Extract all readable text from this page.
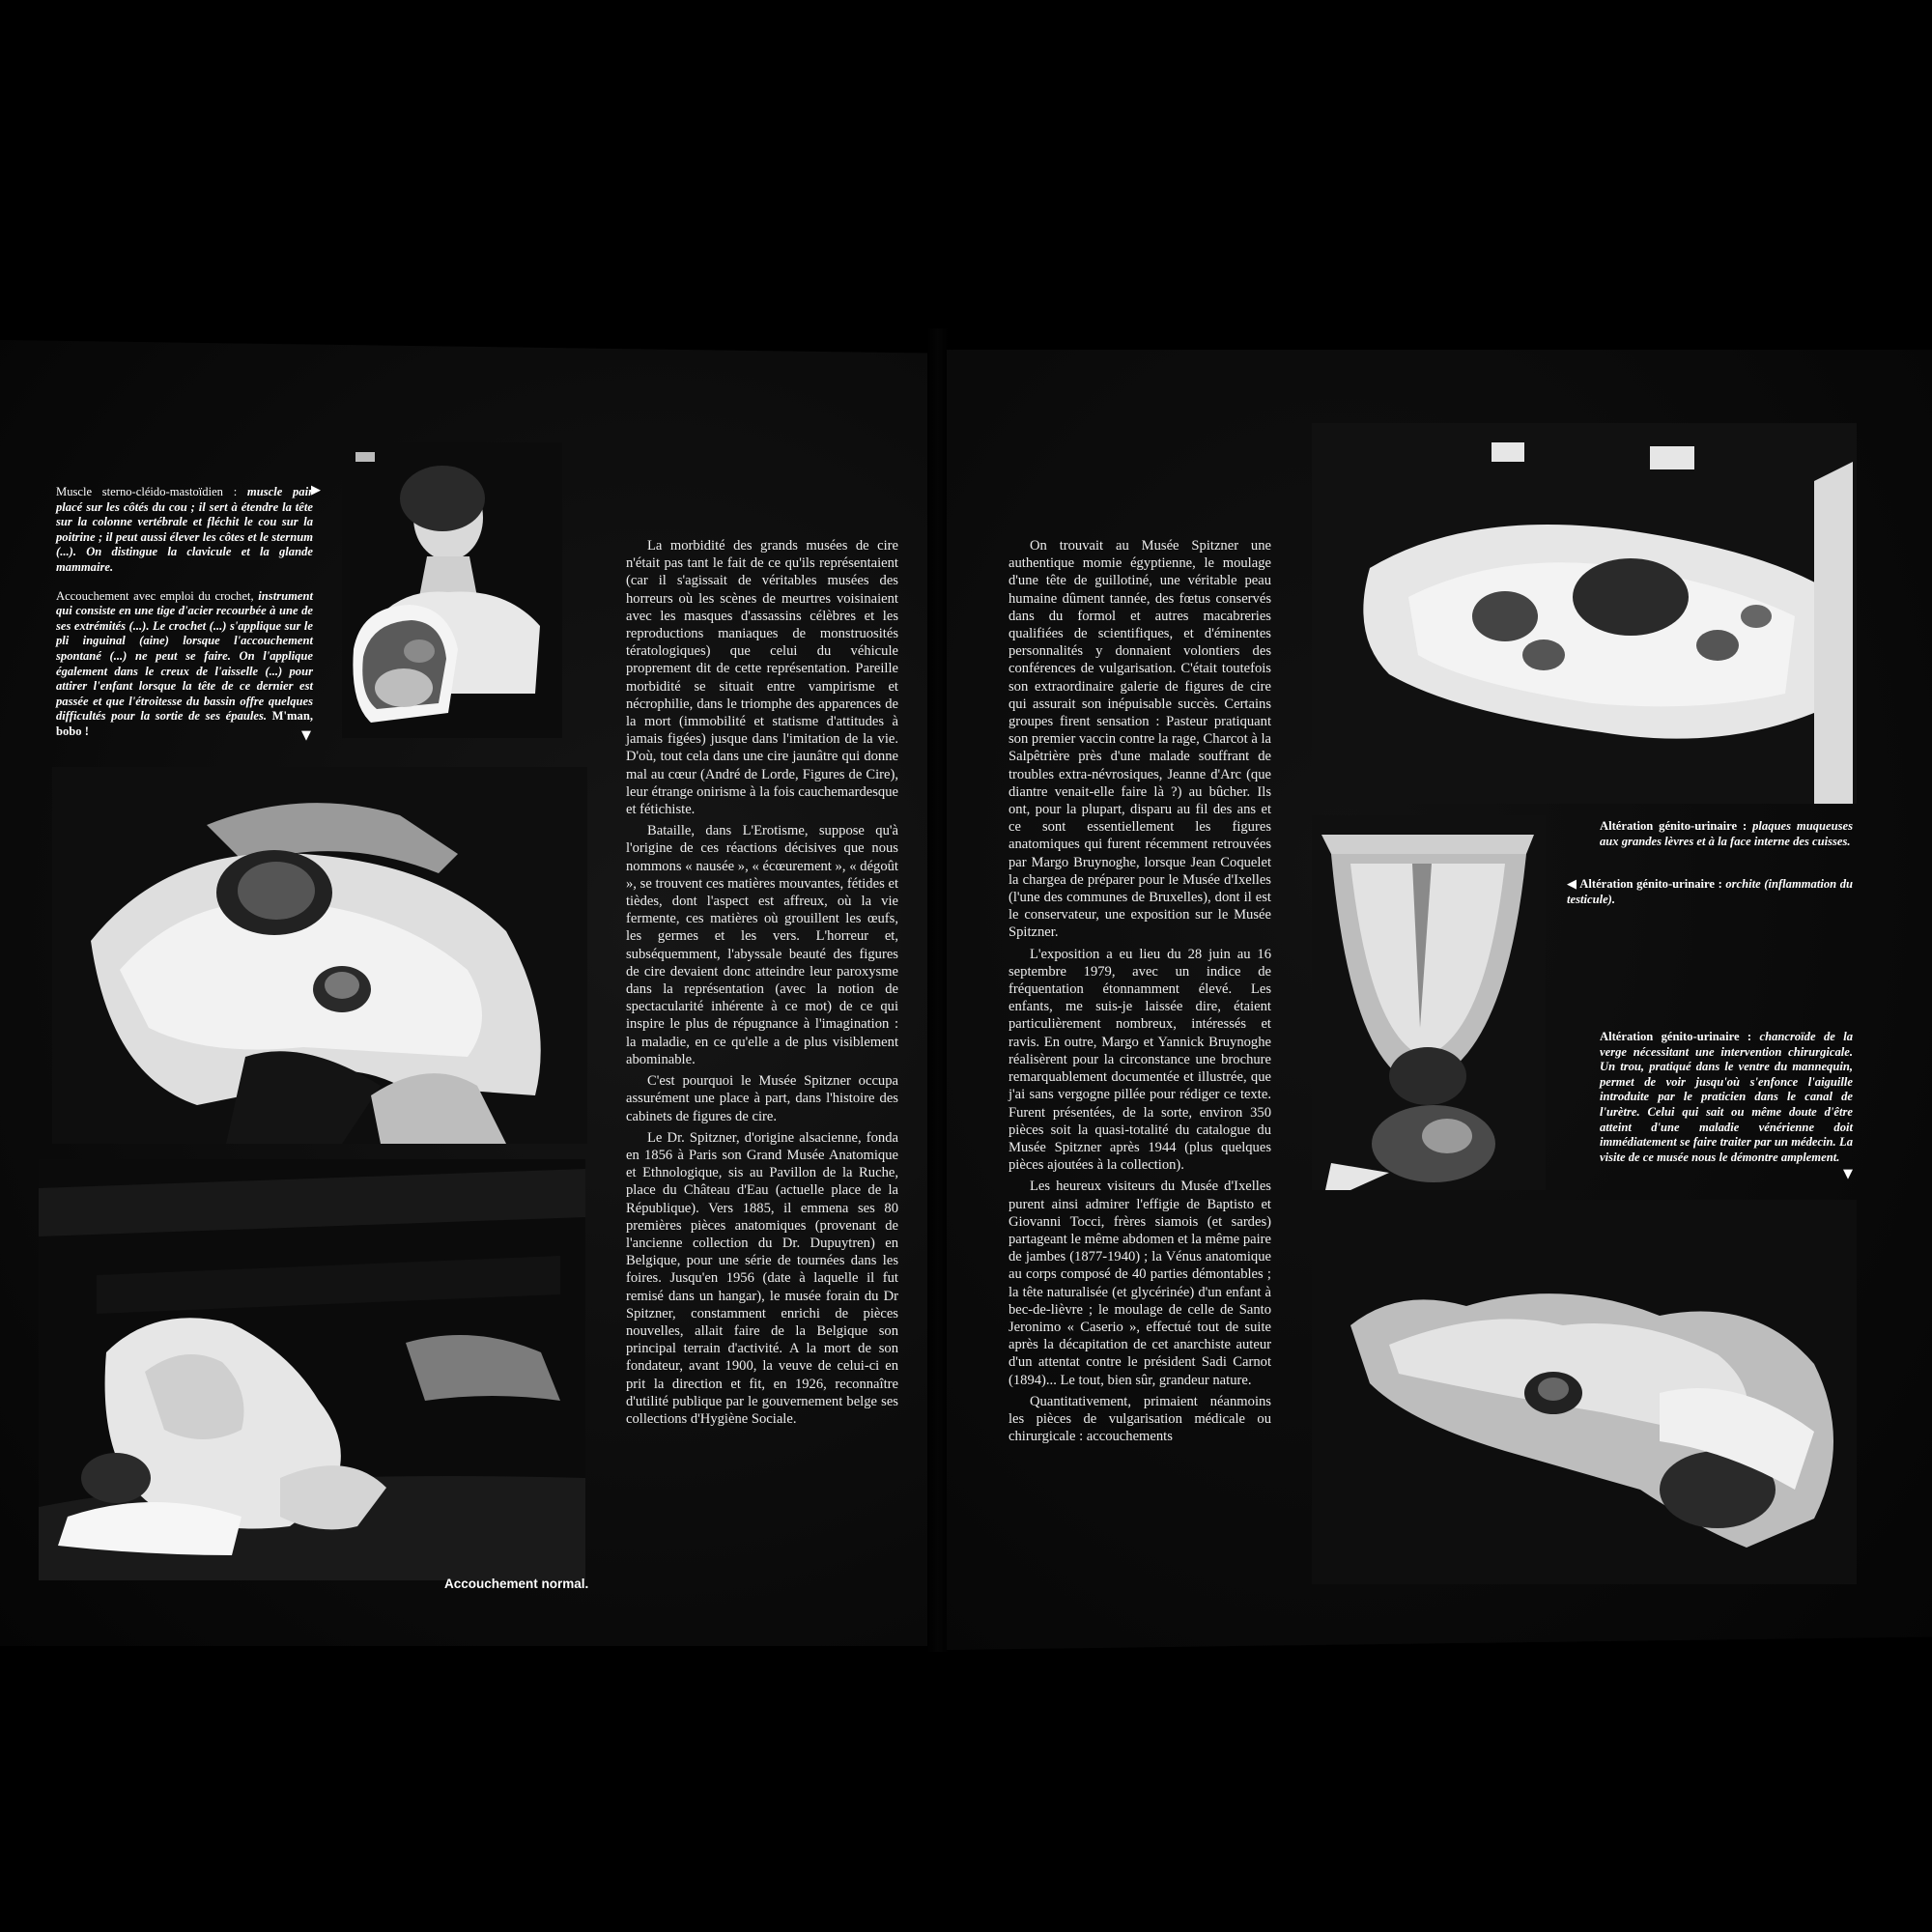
Muscle sterno-cléido-mastoïdien : muscle pair placé sur les côtés du cou ; il sert à étendre la tête sur la colonne vertébrale et fléchit le cou sur la poitrine ; il peut aussi élever les côtes et le sternum (...). On distingue la clavicule et la glande mammaire.

Accouchement avec emploi du crochet, instrument qui consiste en une tige d'acier recourbée à une de ses extrémités (...). Le crochet (...) s'applique sur le pli inguinal (aine) lorsque l'accouchement spontané (...) ne peut se faire. On l'applique également dans le creux de l'aisselle (...) pour attirer l'enfant lorsque la tête de ce dernier est passée et que l'étroitesse du bassin offre quelques difficultés pour la sortie de ses épaules. M'man, bobo !

▶
▼

La morbidité des grands musées de cire n'était pas tant le fait de ce qu'ils représentaient (car il s'agissait de véritables musées des horreurs où les scènes de meurtres voisinaient avec les masques d'assassins célèbres et les reproductions maniaques de monstruosités tératologiques) que celui du véhicule proprement dit de cette représentation. Pareille morbidité se situait entre vampirisme et nécrophilie, dans le triomphe des apparences de la mort (immobilité et statisme d'attitudes à jamais figées) jusque dans l'imitation de la vie. D'où, tout cela dans une cire jaunâtre qui donne mal au cœur (André de Lorde, Figures de Cire), leur étrange onirisme à la fois cauchemardesque et fétichiste.

Bataille, dans L'Erotisme, suppose qu'à l'origine de ces réactions décisives que nous nommons « nausée », « écœurement », « dégoût », se trouvent ces matières mouvantes, fétides et tièdes, dont l'aspect est affreux, où la vie fermente, ces matières où grouillent les œufs, les germes et les vers. L'horreur et, subséquemment, l'abyssale beauté des figures de cire devaient donc atteindre leur paroxysme dans la représentation (avec la notion de spectacularité inhérente à ce mot) de ce qui inspire le plus de répugnance à l'imagination : la maladie, en ce qu'elle a de plus visiblement abominable.

C'est pourquoi le Musée Spitzner occupa assurément une place à part, dans l'histoire des cabinets de figures de cire.

Le Dr. Spitzner, d'origine alsacienne, fonda en 1856 à Paris son Grand Musée Anatomique et Ethnologique, sis au Pavillon de la Ruche, place du Château d'Eau (actuelle place de la République). Vers 1885, il emmena ses 80 premières pièces anatomiques (provenant de l'ancienne collection du Dr. Dupuytren) en Belgique, pour une série de tournées dans les foires. Jusqu'en 1956 (date à laquelle il fut remisé dans un hangar), le musée forain du Dr Spitzner, constamment enrichi de pièces nouvelles, allait faire de la Belgique son principal terrain d'activité. A la mort de son fondateur, avant 1900, la veuve de celui-ci en prit la direction et fit, en 1926, reconnaître d'utilité publique par le gouvernement belge ses collections d'Hygiène Sociale.

Accouchement normal.

On trouvait au Musée Spitzner une authentique momie égyptienne, le moulage d'une tête de guillotiné, une véritable peau humaine dûment tannée, des fœtus conservés dans du formol et autres macabreries qualifiées de scientifiques, et d'éminentes personnalités y donnaient volontiers des conférences de vulgarisation. C'était toutefois son extraordinaire galerie de figures de cire qui assurait son inépuisable succès. Certains groupes firent sensation : Pasteur pratiquant son premier vaccin contre la rage, Charcot à la Salpêtrière près d'une malade souffrant de troubles extra-névrosiques, Jeanne d'Arc (que diantre venait-elle faire là ?) au bûcher. Ils ont, pour la plupart, disparu au fil des ans et ce sont essentiellement les figures anatomiques qui furent récemment retrouvées par Margo Bruynoghe, lorsque Jean Coquelet la chargea de préparer pour le Musée d'Ixelles (l'une des communes de Bruxelles), dont il est le conservateur, une exposition sur le Musée Spitzner.

L'exposition a eu lieu du 28 juin au 16 septembre 1979, avec un indice de fréquentation étonnamment élevé. Les enfants, me suis-je laissée dire, étaient particulièrement nombreux, intéressés et ravis. En outre, Margo et Yannick Bruynoghe réalisèrent pour la circonstance une brochure remarquablement documentée et illustrée, que j'ai sans vergogne pillée pour rédiger ce texte. Furent présentées, de la sorte, environ 350 pièces soit la quasi-totalité du catalogue du Musée Spitzner après 1944 (plus quelques pièces ajoutées à la collection).

Les heureux visiteurs du Musée d'Ixelles purent ainsi admirer l'effigie de Baptisto et Giovanni Tocci, frères siamois (et sardes) partageant le même abdomen et la même paire de jambes (1877-1940) ; la Vénus anatomique au corps composé de 40 parties démontables ; la tête naturalisée (et glycérinée) d'un enfant à bec-de-lièvre ; le moulage de celle de Santo Jeronimo « Caserio », effectué tout de suite après la décapitation de cet anarchiste auteur d'un attentat contre le président Sadi Carnot (1894)... Le tout, bien sûr, grandeur nature.

Quantitativement, primaient néanmoins les pièces de vulgarisation médicale ou chirurgicale : accouchements

Altération génito-urinaire : plaques muqueuses aux grandes lèvres et à la face interne des cuisses.

◀ Altération génito-urinaire : orchite (inflammation du testicule).

Altération génito-urinaire : chancroïde de la verge nécessitant une intervention chirurgicale. Un trou, pratiqué dans le ventre du mannequin, permet de voir jusqu'où s'enfonce l'aiguille introduite par le praticien dans le canal de l'urètre. Celui qui sait ou même doute d'être atteint d'une maladie vénérienne doit immédiatement se faire traiter par un médecin. La visite de ce musée nous le démontre amplement.

▼
